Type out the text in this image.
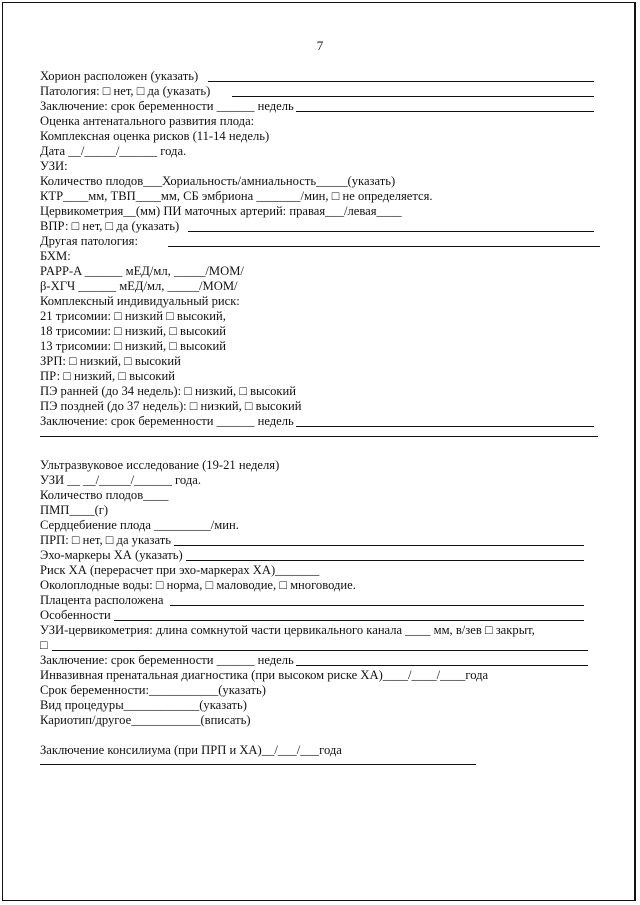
7
Хорион расположен (указать)
Патология: □ нет, □ да (указать)
Заключение: срок беременности ______ недель
Оценка антенатального развития плода:
Комплексная оценка рисков (11-14 недель)
Дата __/_____/______ года.
УЗИ:
Количество плодов___Хориальность/амниальность_____(указать)
КТР____мм, ТВП____мм, СБ эмбриона _______/мин, □ не определяется.
Цервикометрия__(мм) ПИ маточных артерий: правая___/левая____
ВПР: □ нет, □ да (указать)
Другая патология:
БХМ:
PAPP-A ______ мЕД/мл, _____/МОМ/
β-ХГЧ ______ мЕД/мл, _____/МОМ/
Комплексный индивидуальный риск:
21 трисомии: □ низкий □ высокий,
18 трисомии: □ низкий, □ высокий
13 трисомии: □ низкий, □ высокий
ЗРП: □ низкий, □ высокий
ПР: □ низкий, □ высокий
ПЭ ранней (до 34 недель): □ низкий, □ высокий
ПЭ поздней (до 37 недель): □ низкий, □ высокий
Заключение: срок беременности ______ недель
Ультразвуковое исследование (19-21 неделя)
УЗИ __ __/_____/______ года.
Количество плодов____
ПМП____(г)
Сердцебиение плода _________/мин.
ПРП: □ нет, □ да указать
Эхо-маркеры ХА (указать)
Риск ХА (перерасчет при эхо-маркерах ХА)_______
Околоплодные воды: □ норма, □ маловодие, □ многоводие.
Плацента расположена
Особенности
УЗИ-цервикометрия: длина сомкнутой части цервикального канала ____ мм, в/зев □ закрыт,
□
Заключение: срок беременности ______ недель
Инвазивная пренатальная диагностика (при высоком риске ХА)____/____/____года
Срок беременности:___________(указать)
Вид процедуры____________(указать)
Кариотип/другое___________(вписать)
Заключение консилиума (при ПРП и ХА)__/___/___года
